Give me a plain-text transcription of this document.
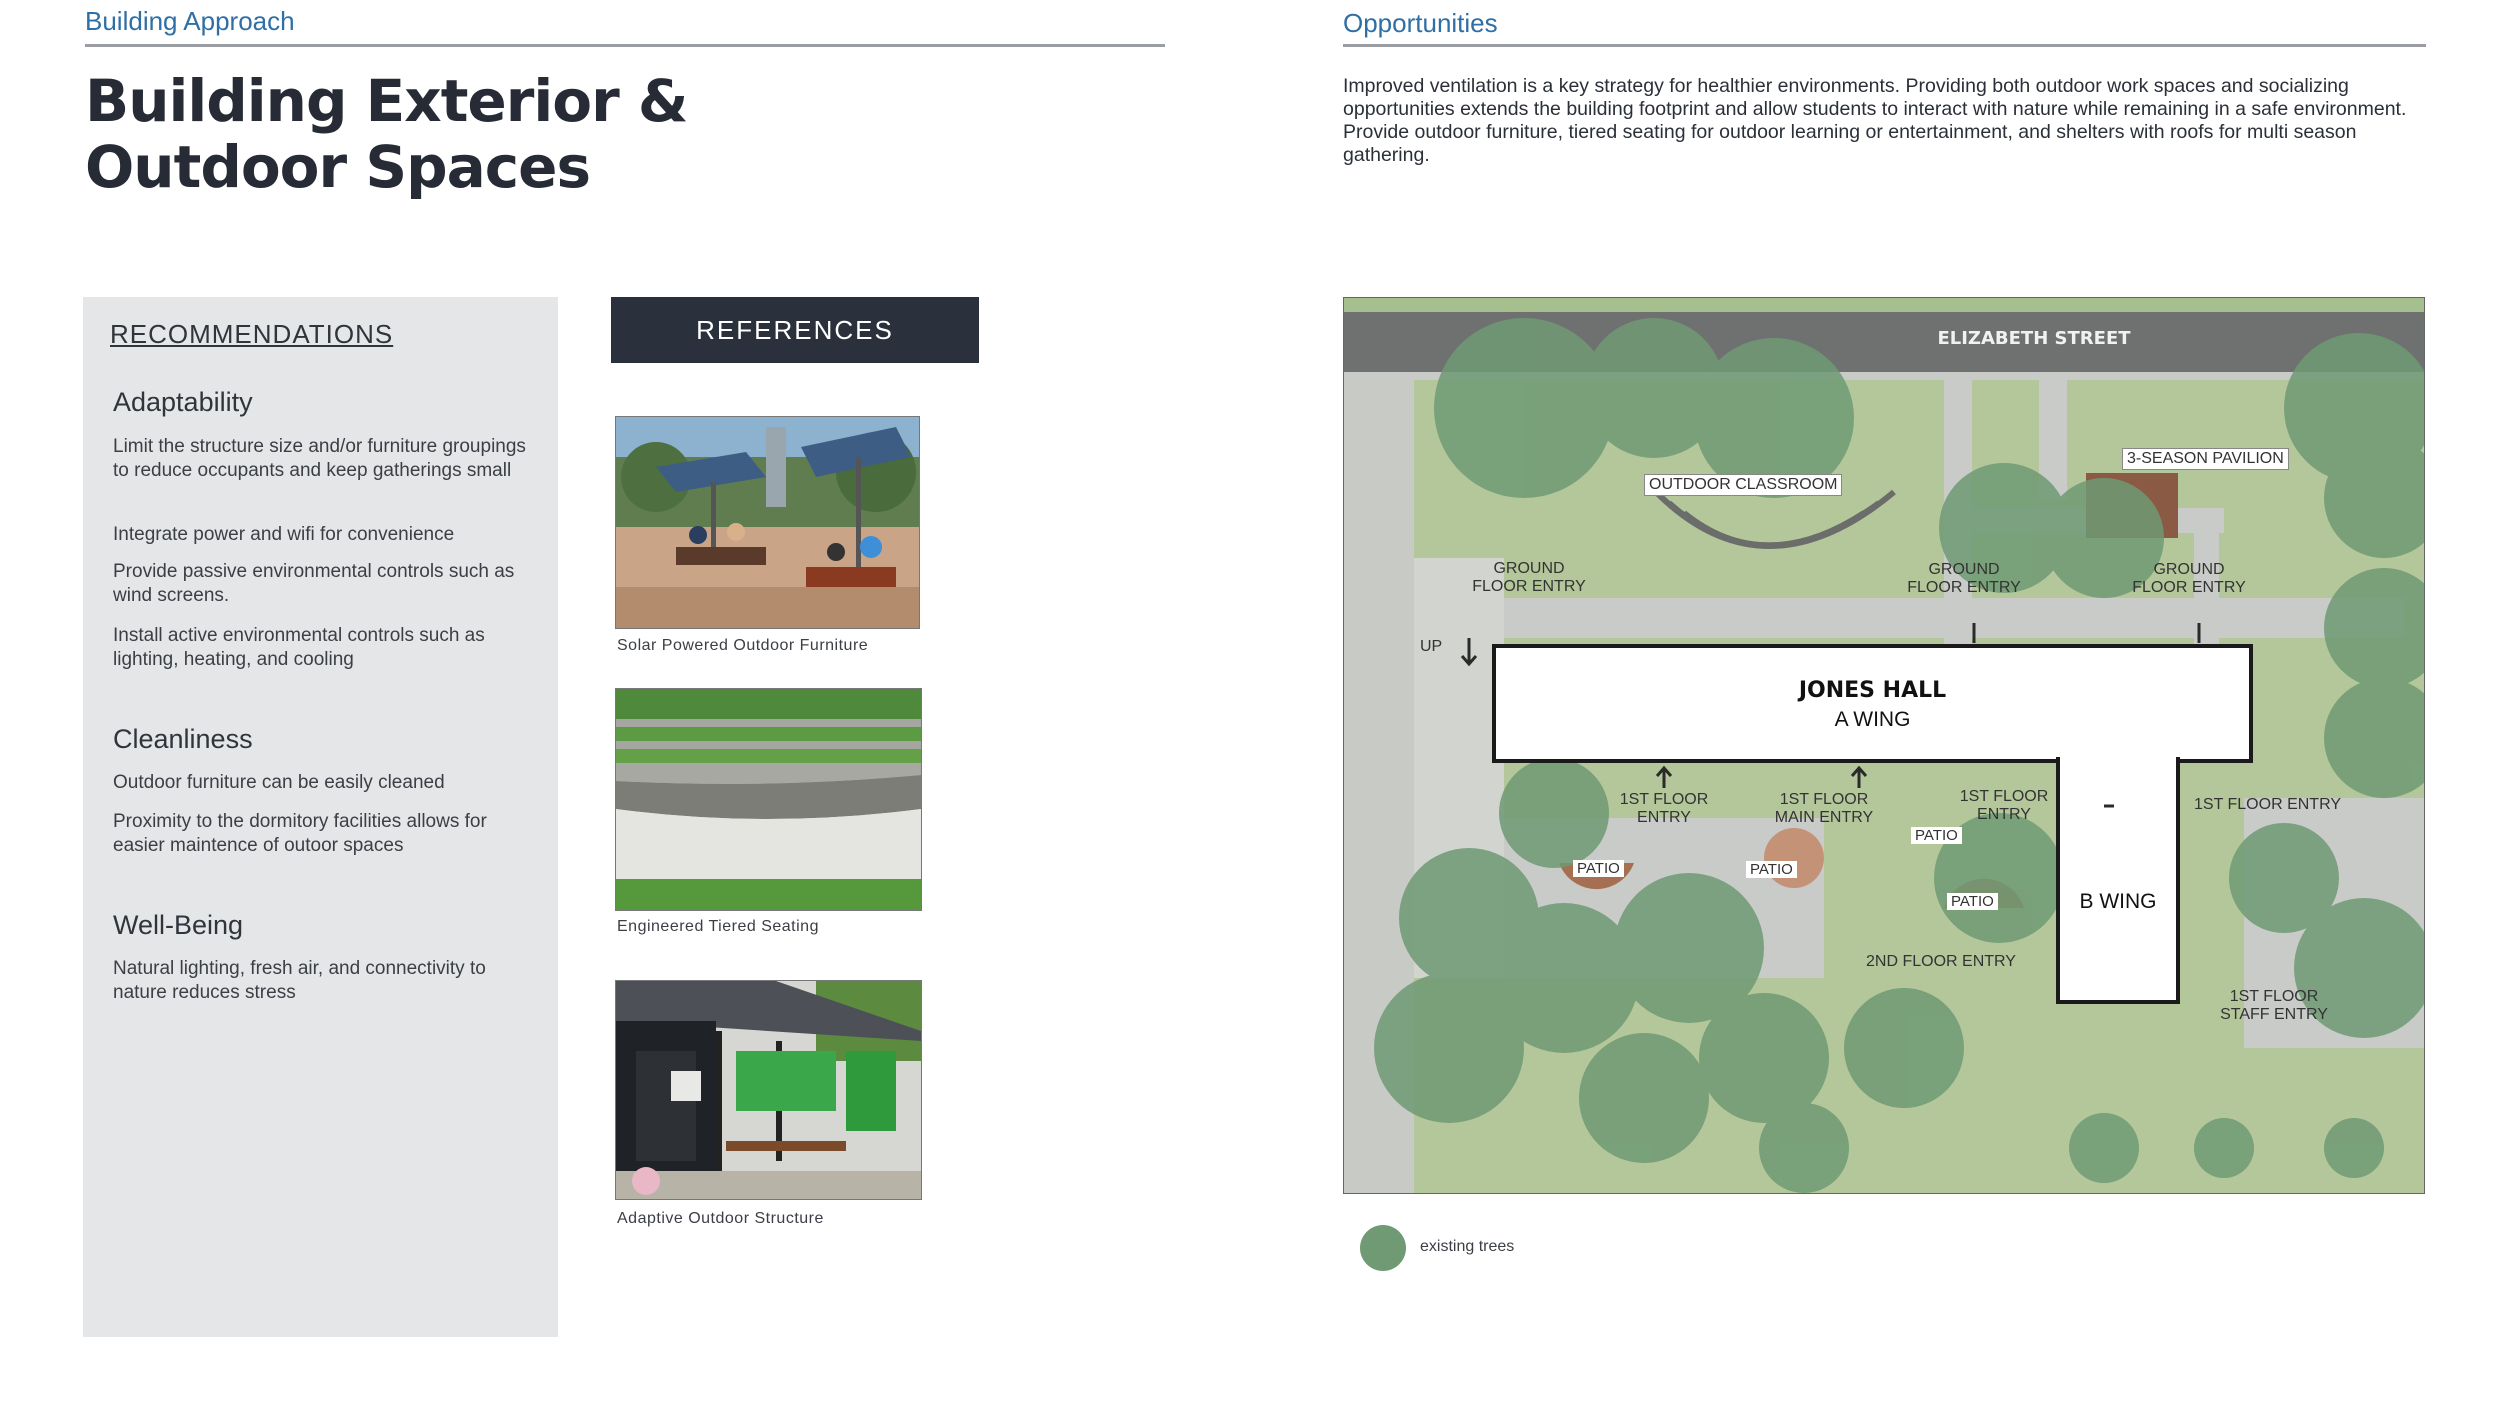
Building Approach
Building Exterior &
Outdoor Spaces
RECOMMENDATIONS
Adaptability
Limit the structure size and/or furniture groupings to reduce occupants and keep gatherings small
Integrate power and wifi for convenience
Provide passive environmental controls such as wind screens.
Install active environmental controls such as lighting, heating, and cooling
Cleanliness
Outdoor furniture can be easily cleaned
Proximity to the dormitory facilities allows for easier maintence of outoor spaces
Well-Being
Natural lighting, fresh air, and connectivity to nature reduces stress
REFERENCES
Solar Powered Outdoor Furniture
Engineered Tiered Seating
Adaptive Outdoor Structure
Opportunities
Improved ventilation is a key strategy for healthier environments. Providing both outdoor work spaces and socializing opportunities extends the building footprint and allow students to interact with nature while remaining in a safe environment. Provide outdoor furniture, tiered seating for outdoor learning or entertainment, and shelters with roofs for multi season gathering.
ELIZABETH STREET
OUTDOOR CLASSROOM
3-SEASON PAVILION
GROUND FLOOR ENTRY
GROUND FLOOR ENTRY
GROUND FLOOR ENTRY
UP
JONES HALL
A WING
B WING
1ST FLOOR ENTRY
1ST FLOOR MAIN ENTRY
1ST FLOOR ENTRY
1ST FLOOR ENTRY
2ND FLOOR ENTRY
1ST FLOOR STAFF ENTRY
PATIO	PATIO
PATIO
PATIO
existing trees
